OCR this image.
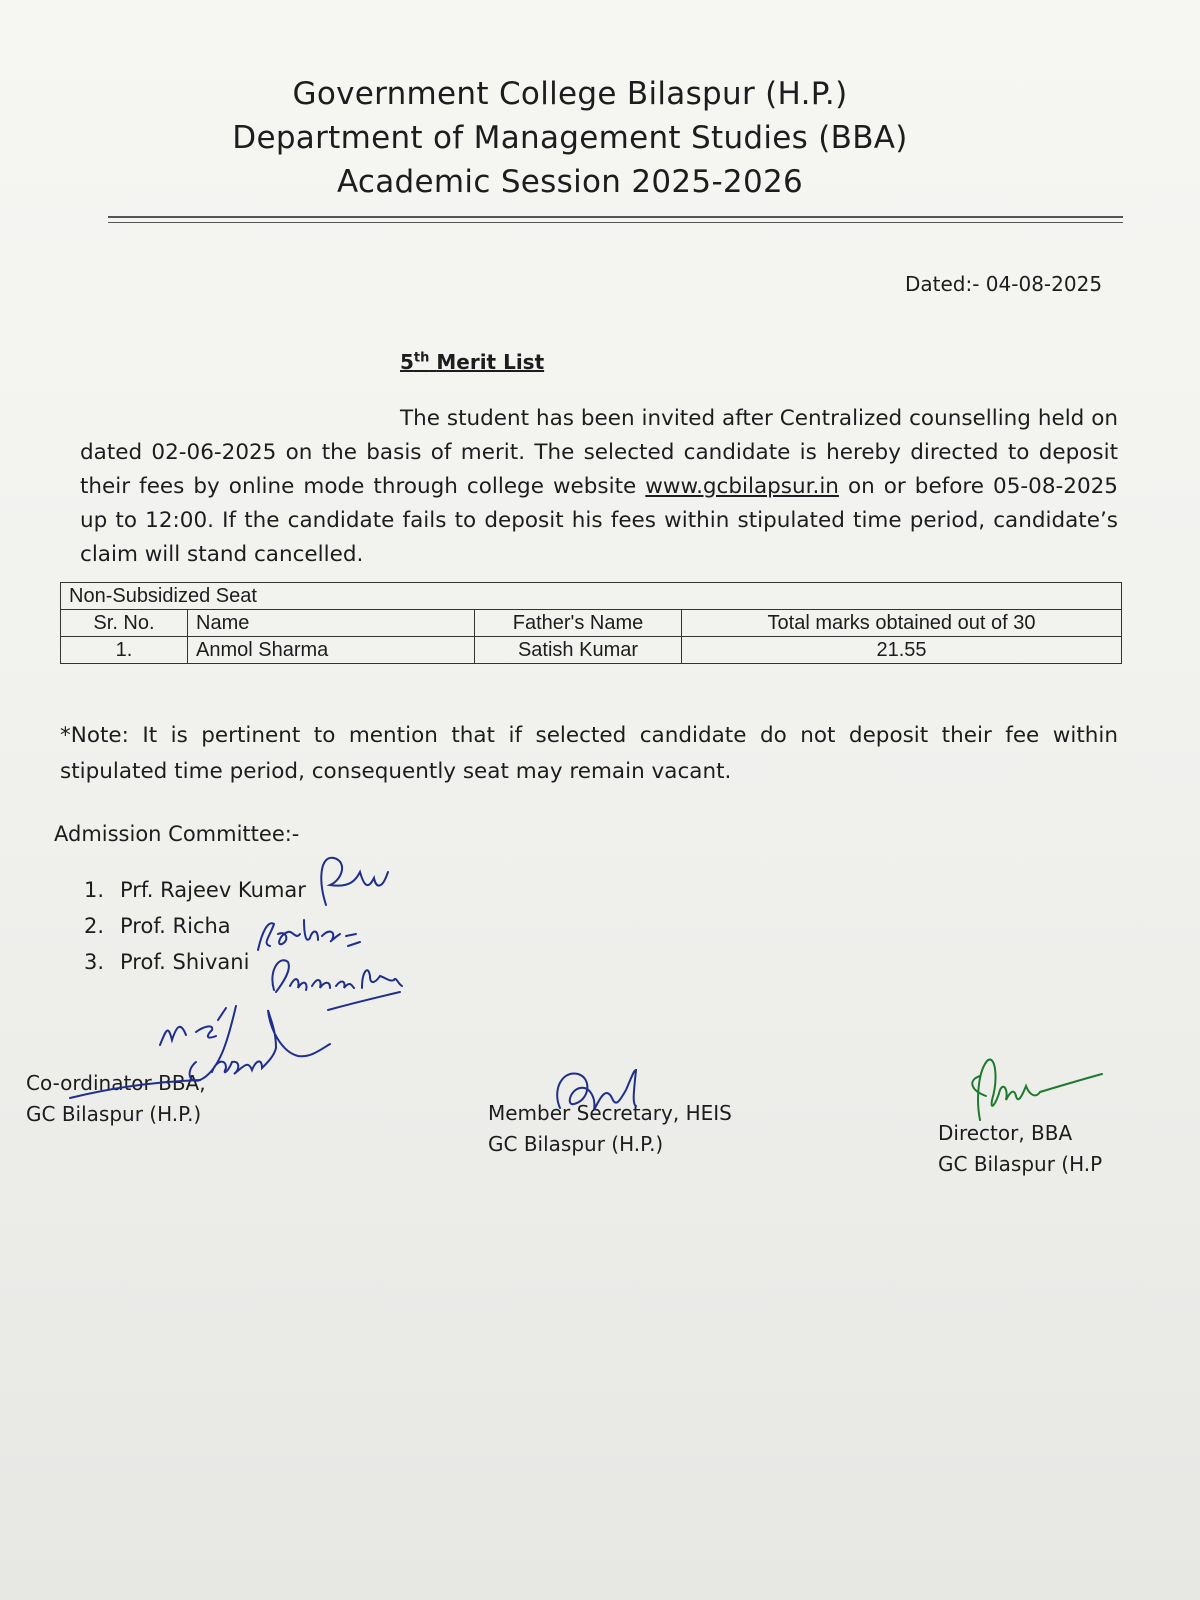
Government College Bilaspur (H.P.)
Department of Management Studies (BBA)
Academic Session 2025-2026
Dated:- 04-08-2025
5th Merit List
The student has been invited after Centralized counselling held on dated 02-06-2025 on the basis of merit. The selected candidate is hereby directed to deposit their fees by online mode through college website www.gcbilapsur.in on or before 05-08-2025 up to 12:00. If the candidate fails to deposit his fees within stipulated time period, candidate’s claim will stand cancelled.
Non-Subsidized Seat			
Sr. No.	Name	Father's Name	Total marks obtained out of 30
1.	Anmol Sharma	Satish Kumar	21.55
*Note: It is pertinent to mention that if selected candidate do not deposit their fee within stipulated time period, consequently seat may remain vacant.
Admission Committee:-
1. Prf. Rajeev Kumar
2. Prof. Richa
3. Prof. Shivani
Co-ordinator BBA,
GC Bilaspur (H.P.)	Member Secretary, HEIS
GC Bilaspur (H.P.)	Director, BBA
GC Bilaspur (H.P
